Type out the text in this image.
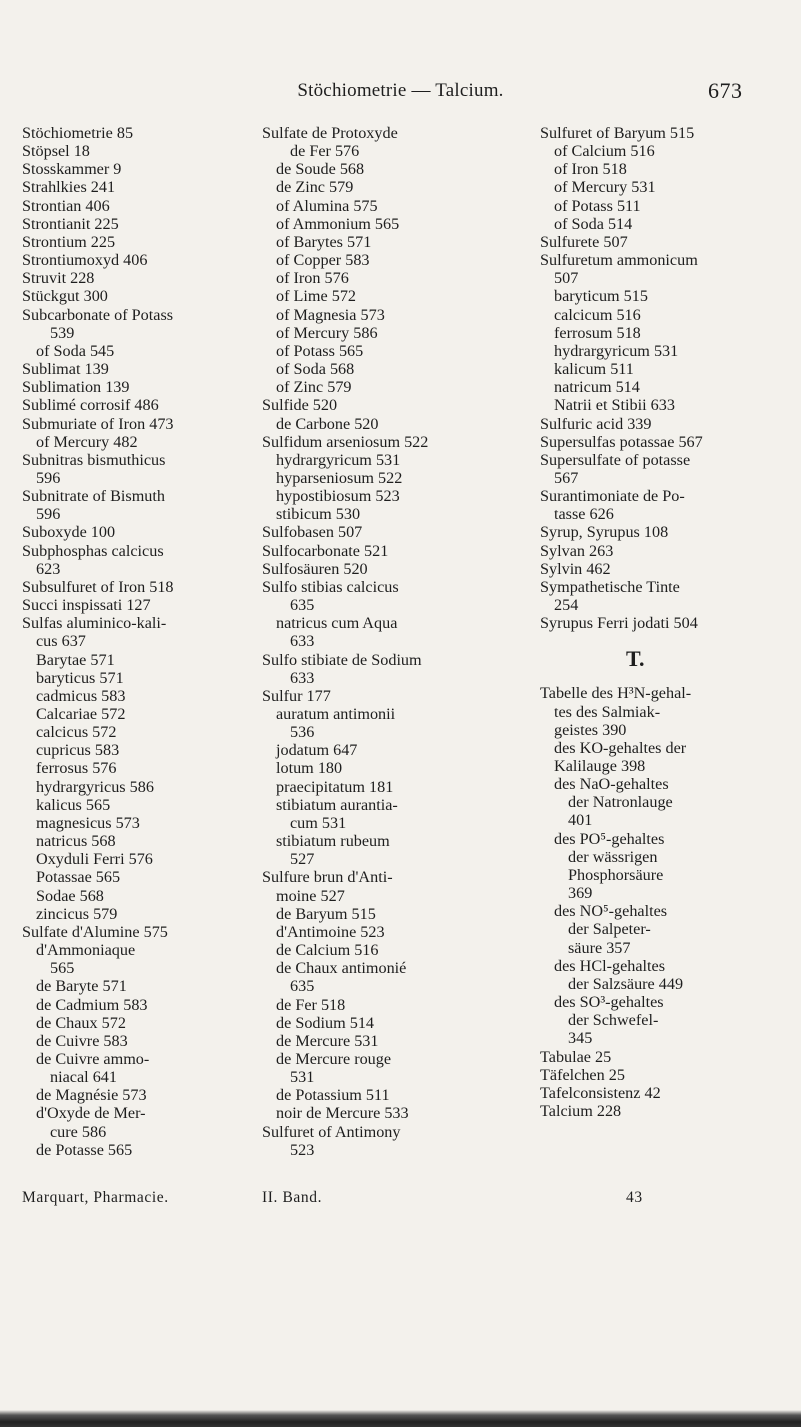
Stöchiometrie — Talcium.	673
Stöchiometrie 85
Stöpsel 18
Stosskammer 9
Strahlkies 241
Strontian 406
Strontianit 225
Strontium 225
Strontiumoxyd 406
Struvit 228
Stückgut 300
Subcarbonate of Potass
539
of Soda 545
Sublimat 139
Sublimation 139
Sublimé corrosif 486
Submuriate of Iron 473
of Mercury 482
Subnitras bismuthicus
596
Subnitrate of Bismuth
596
Suboxyde 100
Subphosphas calcicus
623
Subsulfuret of Iron 518
Succi inspissati 127
Sulfas aluminico-kali-
cus 637
Barytae 571
baryticus 571
cadmicus 583
Calcariae 572
calcicus 572
cupricus 583
ferrosus 576
hydrargyricus 586
kalicus 565
magnesicus 573
natricus 568
Oxyduli Ferri 576
Potassae 565
Sodae 568
zincicus 579
Sulfate d'Alumine 575
d'Ammoniaque
565
de Baryte 571
de Cadmium 583
de Chaux 572
de Cuivre 583
de Cuivre ammo-
niacal 641
de Magnésie 573
d'Oxyde de Mer-
cure 586
de Potasse 565
Sulfate de Protoxyde
de Fer 576
de Soude 568
de Zinc 579
of Alumina 575
of Ammonium 565
of Barytes 571
of Copper 583
of Iron 576
of Lime 572
of Magnesia 573
of Mercury 586
of Potass 565
of Soda 568
of Zinc 579
Sulfide 520
de Carbone 520
Sulfidum arseniosum 522
hydrargyricum 531
hyparseniosum 522
hypostibiosum 523
stibicum 530
Sulfobasen 507
Sulfocarbonate 521
Sulfosäuren 520
Sulfo stibias calcicus
635
natricus cum Aqua
633
Sulfo stibiate de Sodium
633
Sulfur 177
auratum antimonii
536
jodatum 647
lotum 180
praecipitatum 181
stibiatum aurantia-
cum 531
stibiatum rubeum
527
Sulfure brun d'Anti-
moine 527
de Baryum 515
d'Antimoine 523
de Calcium 516
de Chaux antimonié
635
de Fer 518
de Sodium 514
de Mercure 531
de Mercure rouge
531
de Potassium 511
noir de Mercure 533
Sulfuret of Antimony
523
Sulfuret of Baryum 515
of Calcium 516
of Iron 518
of Mercury 531
of Potass 511
of Soda 514
Sulfurete 507
Sulfuretum ammonicum
507
baryticum 515
calcicum 516
ferrosum 518
hydrargyricum 531
kalicum 511
natricum 514
Natrii et Stibii 633
Sulfuric acid 339
Supersulfas potassae 567
Supersulfate of potasse
567
Surantimoniate de Po-
tasse 626
Syrup, Syrupus 108
Sylvan 263
Sylvin 462
Sympathetische Tinte
254
Syrupus Ferri jodati 504
T.
Tabelle des H³N-gehal-
tes des Salmiak-
geistes 390
des KO-gehaltes der
Kalilauge 398
des NaO-gehaltes
der Natronlauge
401
des PO⁵-gehaltes
der wässrigen
Phosphorsäure
369
des NO⁵-gehaltes
der Salpeter-
säure 357
des HCl-gehaltes
der Salzsäure 449
des SO³-gehaltes
der Schwefel-
345
Tabulae 25
Täfelchen 25
Tafelconsistenz 42
Talcium 228
Marquart, Pharmacie.	II. Band.	43
